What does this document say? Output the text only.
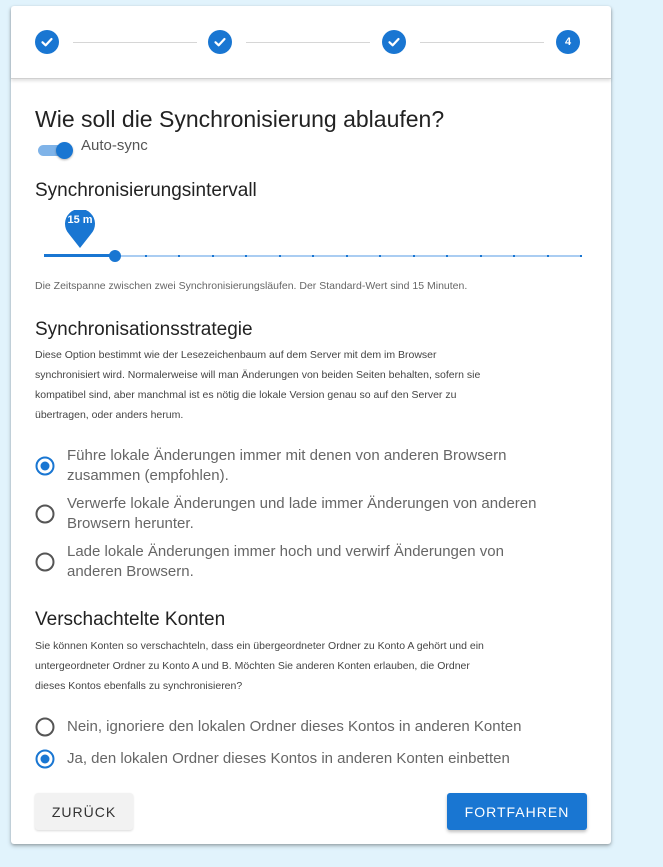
4
Wie soll die Synchronisierung ablaufen?
Auto-sync
Synchronisierungsintervall
15 m
Die Zeitspanne zwischen zwei Synchronisierungsläufen. Der Standard-Wert sind 15 Minuten.
Synchronisationsstrategie
Diese Option bestimmt wie der Lesezeichenbaum auf dem Server mit dem im Browser
synchronisiert wird. Normalerweise will man Änderungen von beiden Seiten behalten, sofern sie
kompatibel sind, aber manchmal ist es nötig die lokale Version genau so auf den Server zu
übertragen, oder anders herum.
Führe lokale Änderungen immer mit denen von anderen Browsern
zusammen (empfohlen).
Verwerfe lokale Änderungen und lade immer Änderungen von anderen
Browsern herunter.
Lade lokale Änderungen immer hoch und verwirf Änderungen von
anderen Browsern.
Verschachtelte Konten
Sie können Konten so verschachteln, dass ein übergeordneter Ordner zu Konto A gehört und ein
untergeordneter Ordner zu Konto A und B. Möchten Sie anderen Konten erlauben, die Ordner
dieses Kontos ebenfalls zu synchronisieren?
Nein, ignoriere den lokalen Ordner dieses Kontos in anderen Konten
Ja, den lokalen Ordner dieses Kontos in anderen Konten einbetten
ZURÜCK	FORTFAHREN
